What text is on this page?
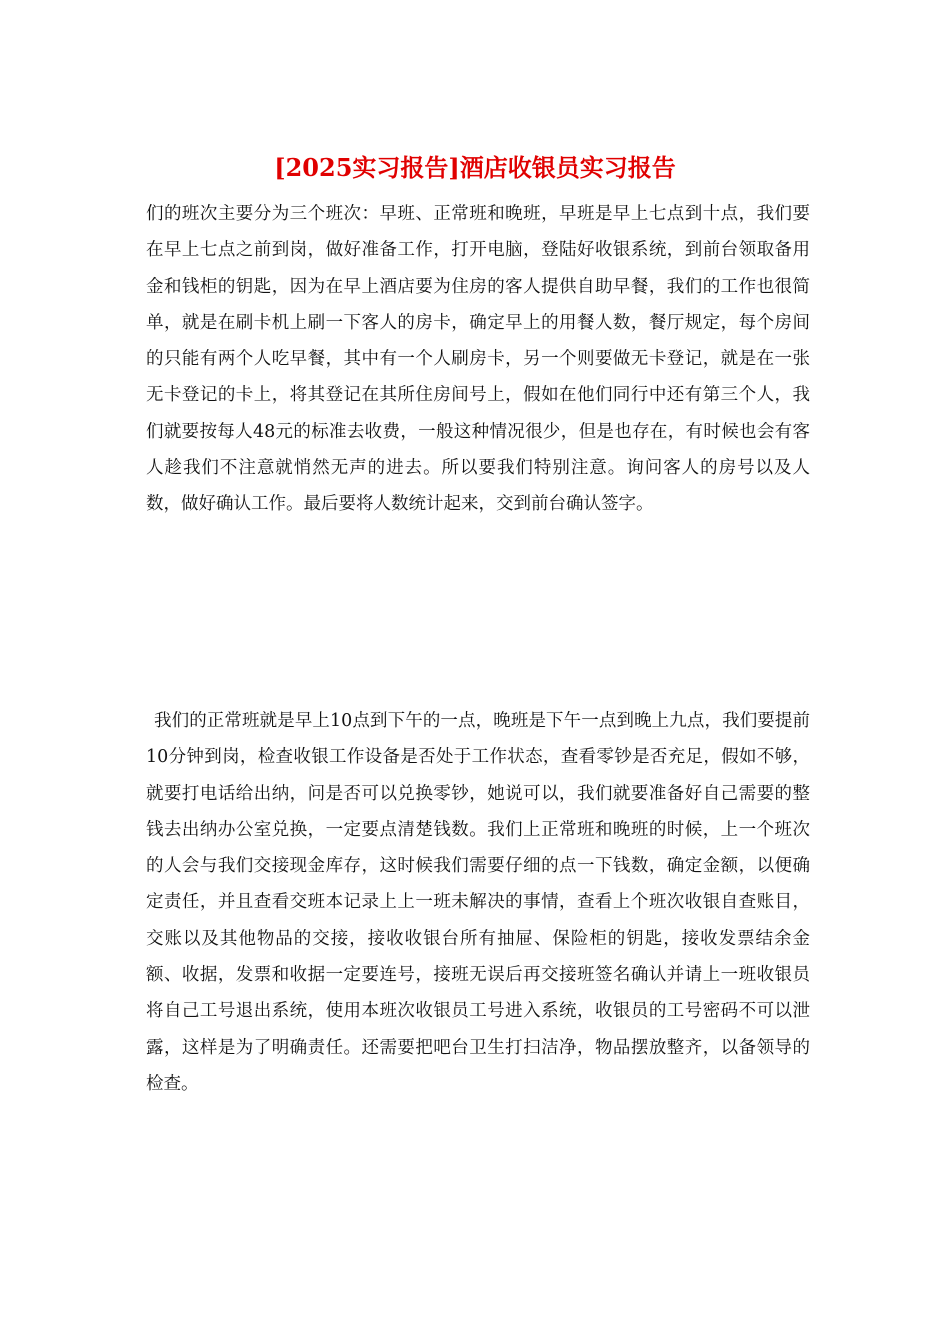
[2025实习报告]酒店收银员实习报告

们的班次主要分为三个班次：早班、正常班和晚班，早班是早上七点到十点，我们要在早上七点之前到岗，做好准备工作，打开电脑，登陆好收银系统，到前台领取备用金和钱柜的钥匙，因为在早上酒店要为住房的客人提供自助早餐，我们的工作也很简单，就是在刷卡机上刷一下客人的房卡，确定早上的用餐人数，餐厅规定，每个房间的只能有两个人吃早餐，其中有一个人刷房卡，另一个则要做无卡登记，就是在一张无卡登记的卡上，将其登记在其所住房间号上，假如在他们同行中还有第三个人，我们就要按每人48元的标准去收费，一般这种情况很少，但是也存在，有时候也会有客人趁我们不注意就悄然无声的进去。所以要我们特别注意。询问客人的房号以及人数，做好确认工作。最后要将人数统计起来，交到前台确认签字。

我们的正常班就是早上10点到下午的一点，晚班是下午一点到晚上九点，我们要提前10分钟到岗，检查收银工作设备是否处于工作状态，查看零钞是否充足，假如不够，就要打电话给出纳，问是否可以兑换零钞，她说可以，我们就要准备好自己需要的整钱去出纳办公室兑换，一定要点清楚钱数。我们上正常班和晚班的时候，上一个班次的人会与我们交接现金库存，这时候我们需要仔细的点一下钱数，确定金额，以便确定责任，并且查看交班本记录上上一班未解决的事情，查看上个班次收银自查账目，交账以及其他物品的交接，接收收银台所有抽屉、保险柜的钥匙，接收发票结余金额、收据，发票和收据一定要连号，接班无误后再交接班签名确认并请上一班收银员将自己工号退出系统，使用本班次收银员工号进入系统，收银员的工号密码不可以泄露，这样是为了明确责任。还需要把吧台卫生打扫洁净，物品摆放整齐，以备领导的检查。
